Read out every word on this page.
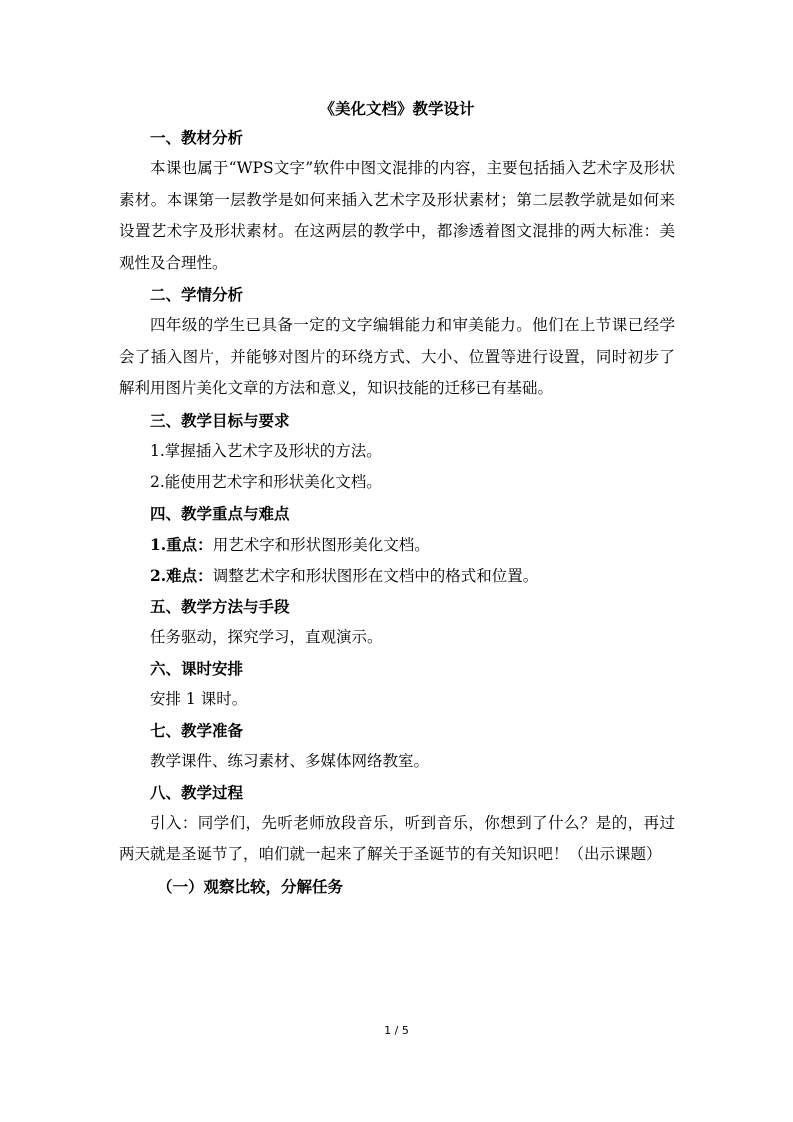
《美化文档》教学设计

一、教材分析

本课也属于“WPS文字”软件中图文混排的内容，主要包括插入艺术字及形状素材。本课第一层教学是如何来插入艺术字及形状素材；第二层教学就是如何来设置艺术字及形状素材。在这两层的教学中，都渗透着图文混排的两大标准：美观性及合理性。

二、学情分析

四年级的学生已具备一定的文字编辑能力和审美能力。他们在上节课已经学会了插入图片，并能够对图片的环绕方式、大小、位置等进行设置，同时初步了解利用图片美化文章的方法和意义，知识技能的迁移已有基础。

三、教学目标与要求

1.掌握插入艺术字及形状的方法。

2.能使用艺术字和形状美化文档。

四、教学重点与难点

1.重点：用艺术字和形状图形美化文档。

2.难点：调整艺术字和形状图形在文档中的格式和位置。

五、教学方法与手段

任务驱动，探究学习，直观演示。

六、课时安排

安排 1 课时。

七、教学准备

教学课件、练习素材、多媒体网络教室。

八、教学过程

引入：同学们，先听老师放段音乐，听到音乐，你想到了什么？是的，再过两天就是圣诞节了，咱们就一起来了解关于圣诞节的有关知识吧！（出示课题）

（一）观察比较，分解任务

1 / 5
